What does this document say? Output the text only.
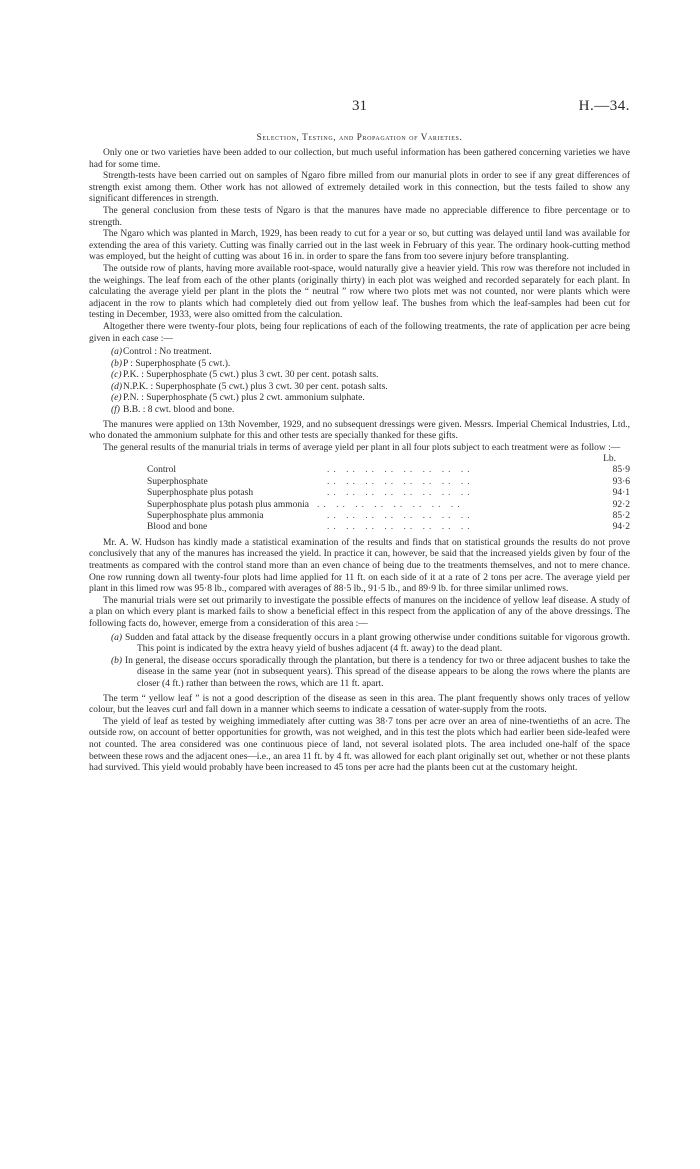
31	H.—34.
Selection, Testing, and Propagation of Varieties.

Only one or two varieties have been added to our collection, but much useful information has been gathered concerning varieties we have had for some time.

Strength-tests have been carried out on samples of Ngaro fibre milled from our manurial plots in order to see if any great differences of strength exist among them. Other work has not allowed of extremely detailed work in this connection, but the tests failed to show any significant differences in strength.

The general conclusion from these tests of Ngaro is that the manures have made no appreciable difference to fibre percentage or to strength.

The Ngaro which was planted in March, 1929, has been ready to cut for a year or so, but cutting was delayed until land was available for extending the area of this variety. Cutting was finally carried out in the last week in February of this year. The ordinary hook-cutting method was employed, but the height of cutting was about 16 in. in order to spare the fans from too severe injury before transplanting.

The outside row of plants, having more available root-space, would naturally give a heavier yield. This row was therefore not included in the weighings. The leaf from each of the other plants (originally thirty) in each plot was weighed and recorded separately for each plant. In calculating the average yield per plant in the plots the “ neutral ” row where two plots met was not counted, nor were plants which were adjacent in the row to plants which had completely died out from yellow leaf. The bushes from which the leaf-samples had been cut for testing in December, 1933, were also omitted from the calculation.

Altogether there were twenty-four plots, being four replications of each of the following treatments, the rate of application per acre being given in each case :—

(a) Control : No treatment.
(b) P : Superphosphate (5 cwt.).
(c) P.K. : Superphosphate (5 cwt.) plus 3 cwt. 30 per cent. potash salts.
(d) N.P.K. : Superphosphate (5 cwt.) plus 3 cwt. 30 per cent. potash salts.
(e) P.N. : Superphosphate (5 cwt.) plus 2 cwt. ammonium sulphate.
(f) B.B. : 8 cwt. blood and bone.

The manures were applied on 13th November, 1929, and no subsequent dressings were given. Messrs. Imperial Chemical Industries, Ltd., who donated the ammonium sulphate for this and other tests are specially thanked for these gifts.

The general results of the manurial trials in terms of average yield per plant in all four plots subject to each treatment were as follow :—

Lb.
Control	.. .. .. .. .. .. .. ..	85·9
Superphosphate	.. .. .. .. .. .. .. ..	93·6
Superphosphate plus potash	.. .. .. .. .. .. .. ..	94·1
Superphosphate plus potash plus ammonia .. .. .. .. .. .. .. ..	92·2
Superphosphate plus ammonia	.. .. .. .. .. .. .. ..	85·2
Blood and bone	.. .. .. .. .. .. .. ..	94·2

Mr. A. W. Hudson has kindly made a statistical examination of the results and finds that on statistical grounds the results do not prove conclusively that any of the manures has increased the yield. In practice it can, however, be said that the increased yields given by four of the treatments as compared with the control stand more than an even chance of being due to the treatments themselves, and not to mere chance. One row running down all twenty-four plots had lime applied for 11 ft. on each side of it at a rate of 2 tons per acre. The average yield per plant in this limed row was 95·8 lb., compared with averages of 88·5 lb., 91·5 lb., and 89·9 lb. for three similar unlimed rows.

The manurial trials were set out primarily to investigate the possible effects of manures on the incidence of yellow leaf disease. A study of a plan on which every plant is marked fails to show a beneficial effect in this respect from the application of any of the above dressings. The following facts do, however, emerge from a consideration of this area :—

(a) Sudden and fatal attack by the disease frequently occurs in a plant growing otherwise under conditions suitable for vigorous growth. This point is indicated by the extra heavy yield of bushes adjacent (4 ft. away) to the dead plant.
(b) In general, the disease occurs sporadically through the plantation, but there is a tendency for two or three adjacent bushes to take the disease in the same year (not in subsequent years). This spread of the disease appears to be along the rows where the plants are closer (4 ft.) rather than between the rows, which are 11 ft. apart.

The term “ yellow leaf ” is not a good description of the disease as seen in this area. The plant frequently shows only traces of yellow colour, but the leaves curl and fall down in a manner which seems to indicate a cessation of water-supply from the roots.

The yield of leaf as tested by weighing immediately after cutting was 38·7 tons per acre over an area of nine-twentieths of an acre. The outside row, on account of better opportunities for growth, was not weighed, and in this test the plots which had earlier been side-leafed were not counted. The area considered was one continuous piece of land, not several isolated plots. The area included one-half of the space between these rows and the adjacent ones—i.e., an area 11 ft. by 4 ft. was allowed for each plant originally set out, whether or not these plants had survived. This yield would probably have been increased to 45 tons per acre had the plants been cut at the customary height.
